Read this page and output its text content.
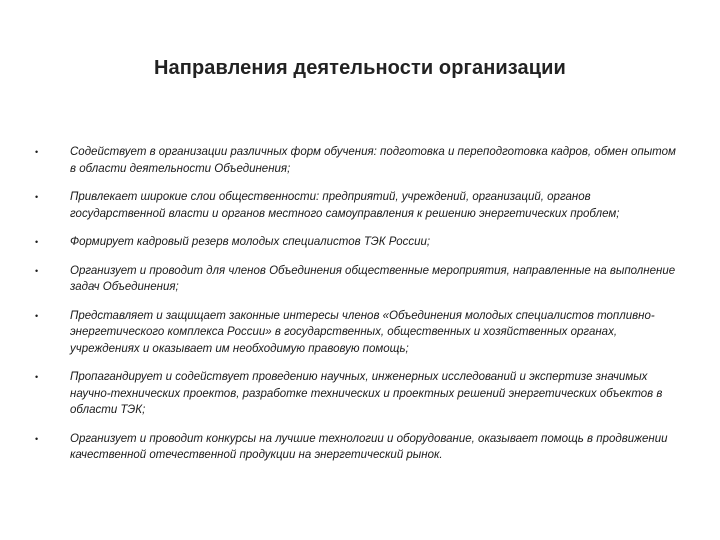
Направления деятельности организации
•	Содействует в организации различных форм обучения: подготовка и переподготовка кадров, обмен опытом в области деятельности Объединения;
•	Привлекает широкие слои общественности: предприятий, учреждений, организаций, органов государственной власти и органов местного самоуправления к решению энергетических проблем;
•	Формирует кадровый резерв молодых специалистов ТЭК России;
•	Организует и проводит для членов Объединения общественные мероприятия, направленные на выполнение задач Объединения;
•	Представляет и защищает законные интересы членов «Объединения молодых специалистов топливно-энергетического комплекса России» в государственных, общественных и хозяйственных органах, учреждениях и оказывает им необходимую правовую помощь;
•	Пропагандирует и содействует проведению научных, инженерных исследований и экспертизе значимых научно-технических проектов, разработке технических и проектных решений энергетических объектов в области ТЭК;
•	Организует и проводит конкурсы на лучшие технологии и оборудование, оказывает помощь в продвижении качественной отечественной продукции на энергетический рынок.
